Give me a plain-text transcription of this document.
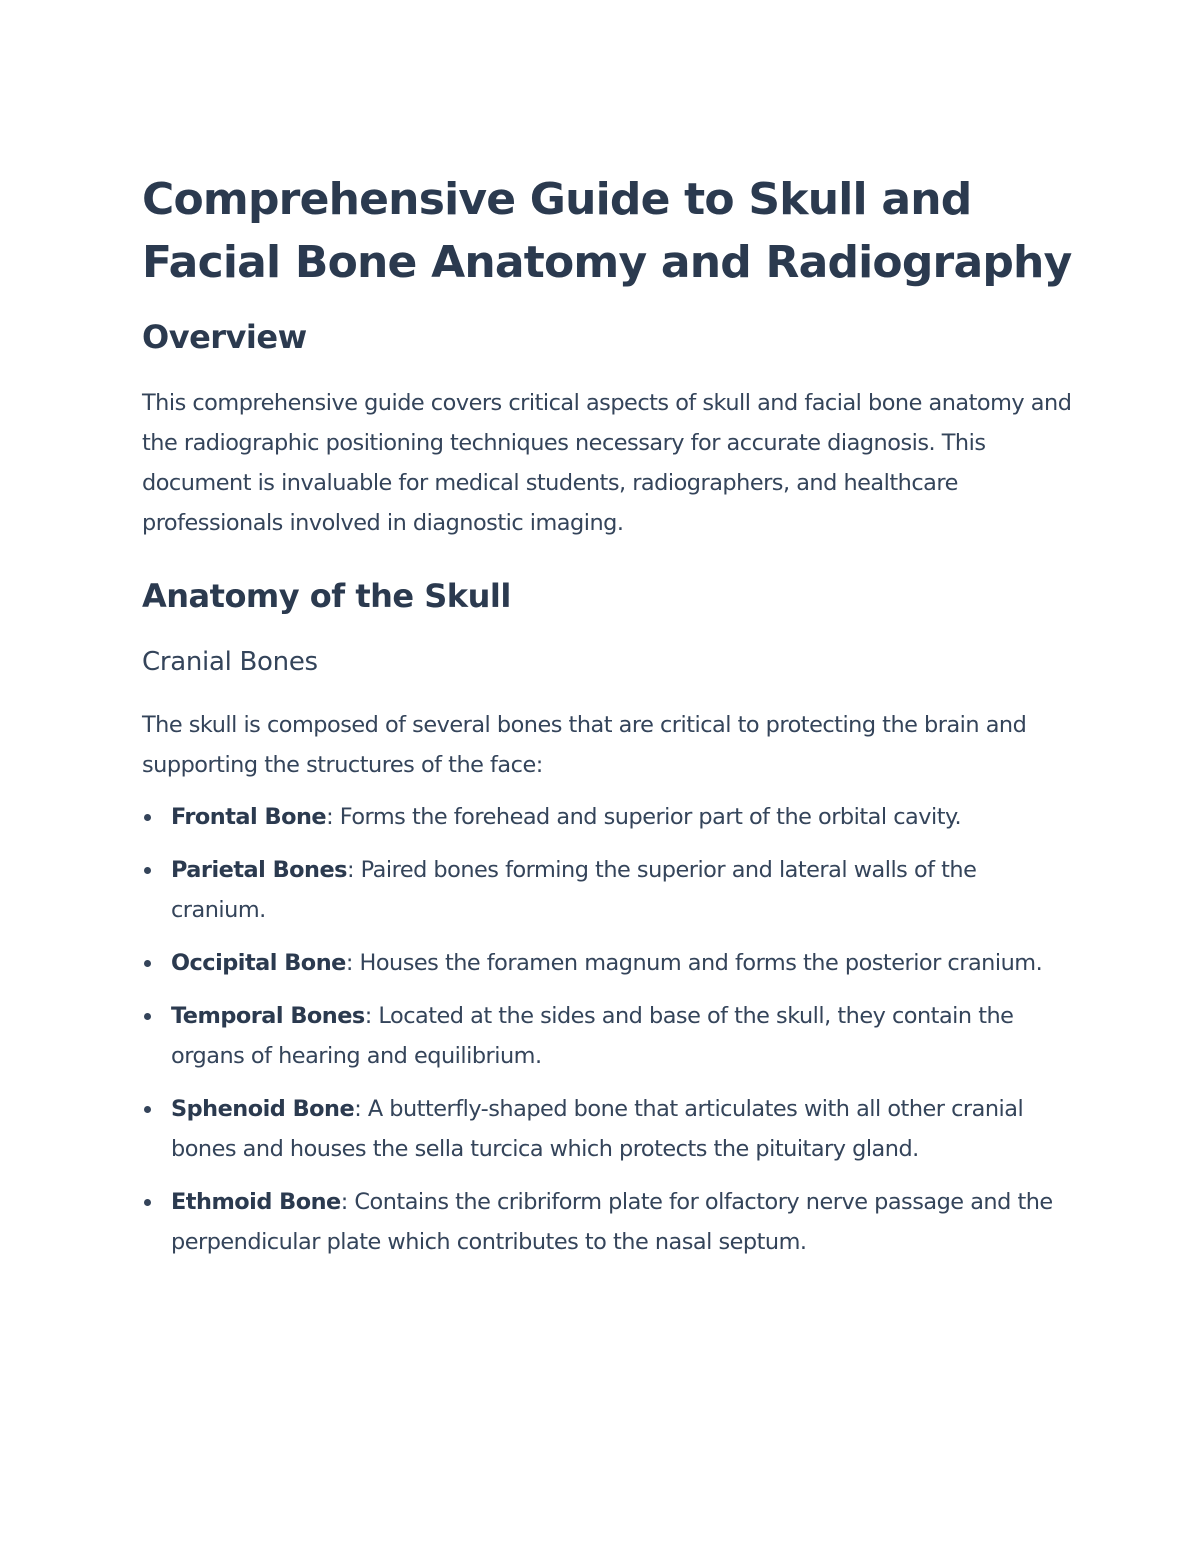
Comprehensive Guide to Skull and Facial Bone Anatomy and Radiography
Overview

This comprehensive guide covers critical aspects of skull and facial bone anatomy and the radiographic positioning techniques necessary for accurate diagnosis. This document is invaluable for medical students, radiographers, and healthcare professionals involved in diagnostic imaging.

Anatomy of the Skull
Cranial Bones

The skull is composed of several bones that are critical to protecting the brain and supporting the structures of the face:

Frontal Bone: Forms the forehead and superior part of the orbital cavity.
Parietal Bones: Paired bones forming the superior and lateral walls of the cranium.
Occipital Bone: Houses the foramen magnum and forms the posterior cranium.
Temporal Bones: Located at the sides and base of the skull, they contain the organs of hearing and equilibrium.
Sphenoid Bone: A butterfly-shaped bone that articulates with all other cranial bones and houses the sella turcica which protects the pituitary gland.
Ethmoid Bone: Contains the cribriform plate for olfactory nerve passage and the perpendicular plate which contributes to the nasal septum.
